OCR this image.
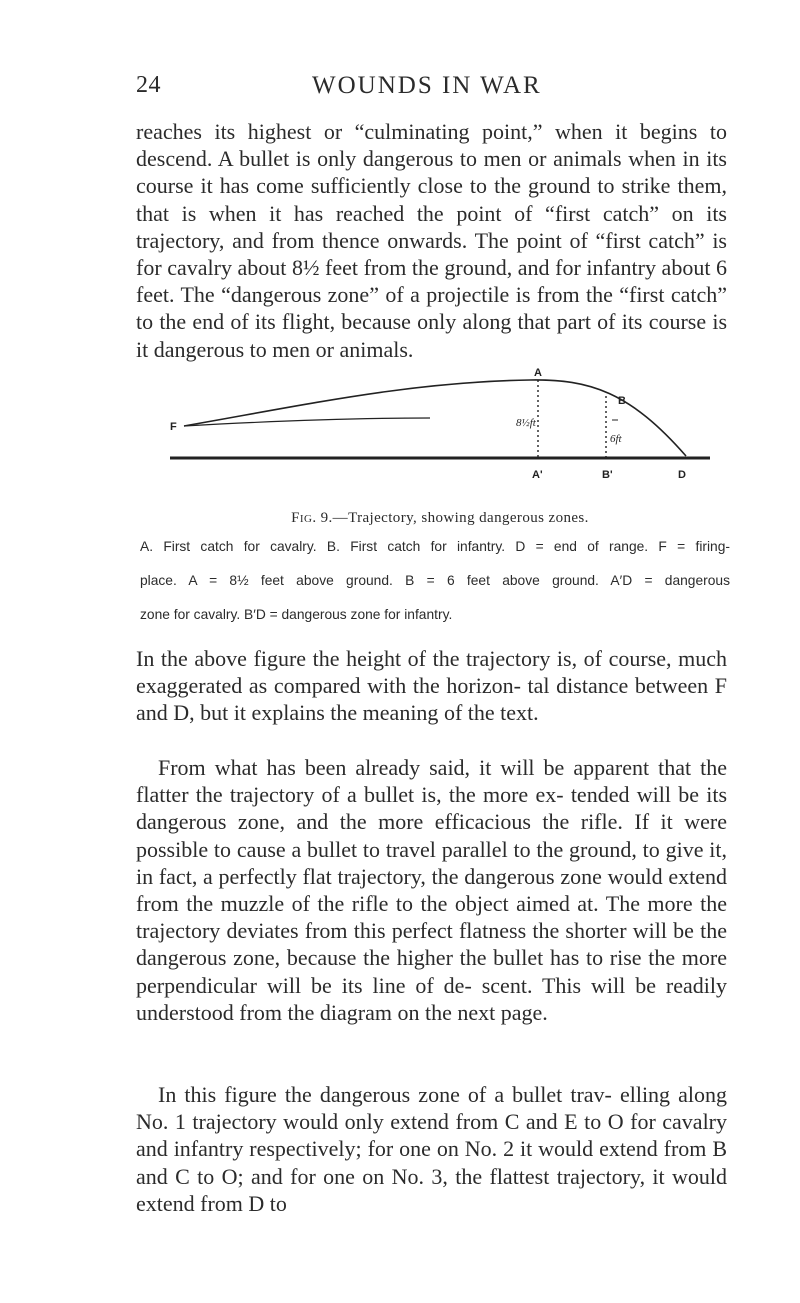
24	WOUNDS IN WAR

reaches its highest or “culminating point,” when it begins to descend. A bullet is only dangerous to men or animals when in its course it has come sufficiently close to the ground to strike them, that is when it has reached the point of “first catch” on its trajectory, and from thence onwards. The point of “first catch” is for cavalry about 8½ feet from the ground, and for infantry about 6 feet. The “dangerous zone” of a projectile is from the “first catch” to the end of its flight, because only along that part of its course is it dangerous to men or animals.

F
A
B
8½ft
6ft
A'	B'	D
Fig. 9.—Trajectory, showing dangerous zones.

A. First catch for cavalry. B. First catch for infantry. D = end of range. F = firing-

place. A = 8½ feet above ground. B = 6 feet above ground. A′D = dangerous

zone for cavalry. B′D = dangerous zone for infantry.

In the above figure the height of the trajectory is, of course, much exaggerated as compared with the horizon- tal distance between F and D, but it explains the meaning of the text.

From what has been already said, it will be apparent that the flatter the trajectory of a bullet is, the more ex- tended will be its dangerous zone, and the more efficacious the rifle. If it were possible to cause a bullet to travel parallel to the ground, to give it, in fact, a perfectly flat trajectory, the dangerous zone would extend from the muzzle of the rifle to the object aimed at. The more the trajectory deviates from this perfect flatness the shorter will be the dangerous zone, because the higher the bullet has to rise the more perpendicular will be its line of de- scent. This will be readily understood from the diagram on the next page.

In this figure the dangerous zone of a bullet trav- elling along No. 1 trajectory would only extend from C and E to O for cavalry and infantry respectively; for one on No. 2 it would extend from B and C to O; and for one on No. 3, the flattest trajectory, it would extend from D to
